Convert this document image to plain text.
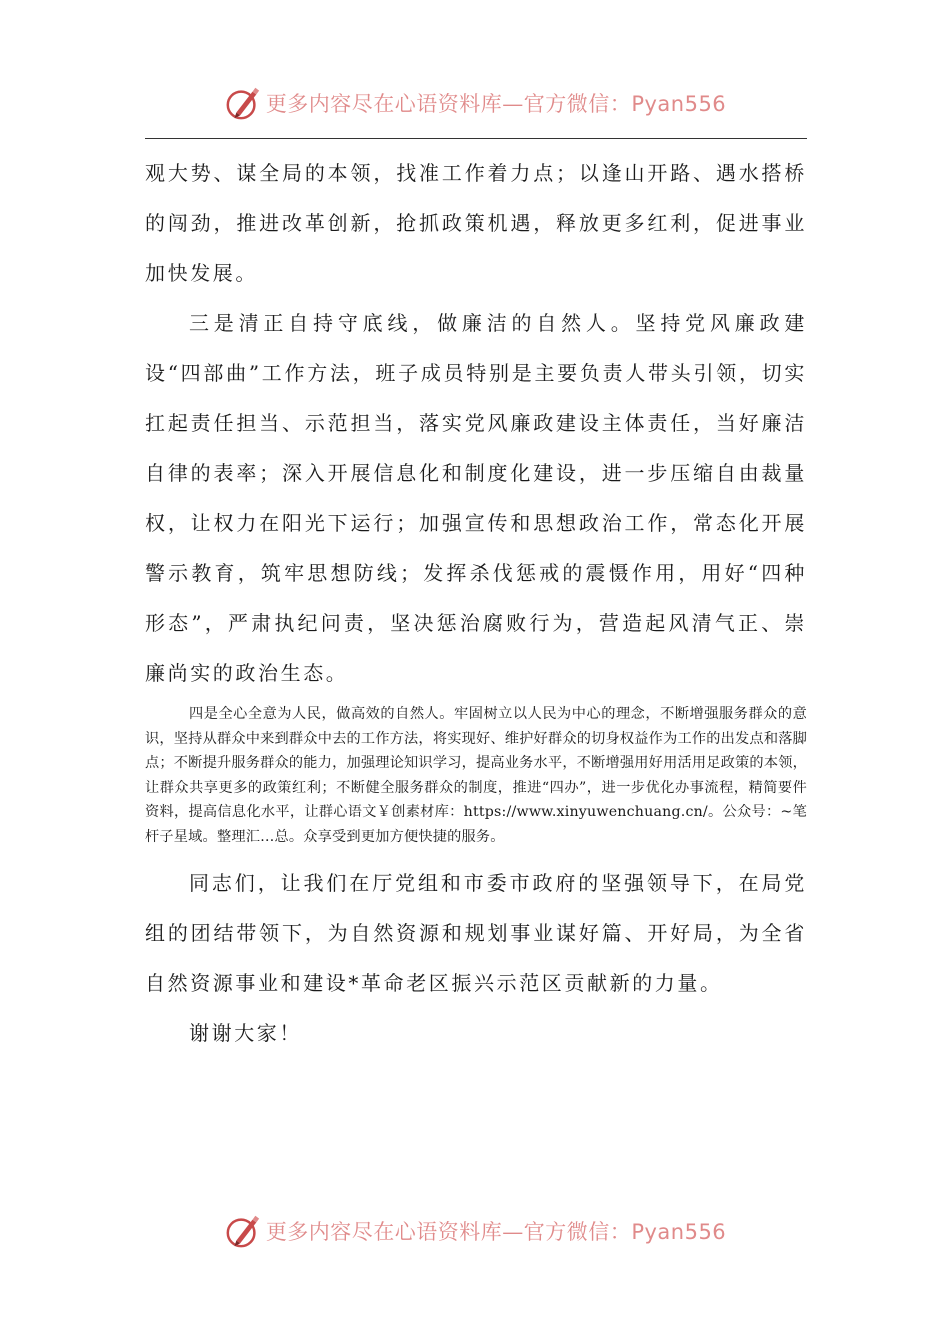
更多内容尽在心语资料库—官方微信：Pyan556

观大势、谋全局的本领，找准工作着力点；以逢山开路、遇水搭桥的闯劲，推进改革创新，抢抓政策机遇，释放更多红利，促进事业加快发展。

三是清正自持守底线，做廉洁的自然人。坚持党风廉政建设“四部曲”工作方法，班子成员特别是主要负责人带头引领，切实扛起责任担当、示范担当，落实党风廉政建设主体责任，当好廉洁自律的表率；深入开展信息化和制度化建设，进一步压缩自由裁量权，让权力在阳光下运行；加强宣传和思想政治工作，常态化开展警示教育，筑牢思想防线；发挥杀伐惩戒的震慑作用，用好“四种形态”，严肃执纪问责，坚决惩治腐败行为，营造起风清气正、崇廉尚实的政治生态。

四是全心全意为人民，做高效的自然人。牢固树立以人民为中心的理念，不断增强服务群众的意识，坚持从群众中来到群众中去的工作方法，将实现好、维护好群众的切身权益作为工作的出发点和落脚点；不断提升服务群众的能力，加强理论知识学习，提高业务水平，不断增强用好用活用足政策的本领，让群众共享更多的政策红利；不断健全服务群众的制度，推进“四办”，进一步优化办事流程，精简要件资料，提高信息化水平，让群心语文￥创素材库：https://www.xinyuwenchuang.cn/。公众号：~笔杆子星域。整理汇…总。众享受到更加方便快捷的服务。

同志们，让我们在厅党组和市委市政府的坚强领导下，在局党组的团结带领下，为自然资源和规划事业谋好篇、开好局，为全省自然资源事业和建设*革命老区振兴示范区贡献新的力量。

谢谢大家！

更多内容尽在心语资料库—官方微信：Pyan556
